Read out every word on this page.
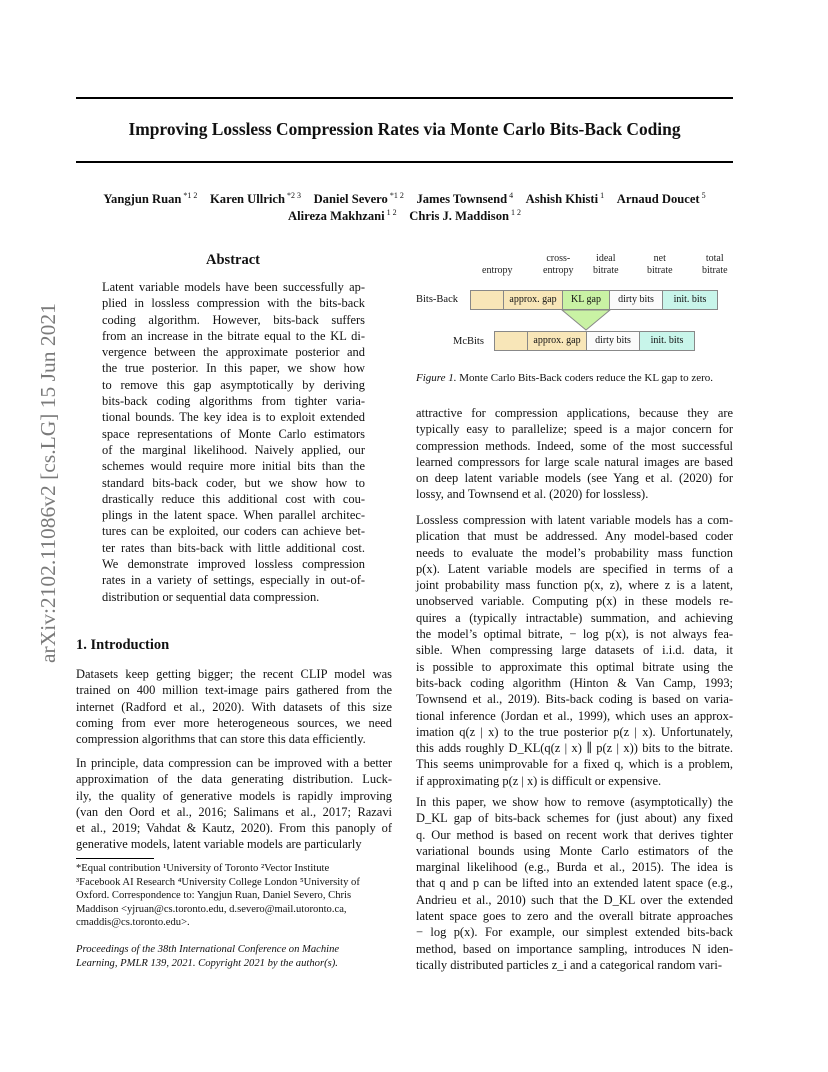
Improving Lossless Compression Rates via Monte Carlo Bits-Back Coding
Yangjun Ruan $^{*1 2}$  Karen Ullrich $^{*2 3}$  Daniel Severo $^{*1 2}$  James Townsend $^4$  Ashish Khisti $^1$  Arnaud Doucet $^5$
Alireza Makhzani $^{1 2}$  Chris J. Maddison $^{1 2}$
arXiv:2102.11086v2 [cs.LG] 15 Jun 2021
Abstract
Latent variable models have been successfully ap-
plied in lossless compression with the bits-back
coding algorithm. However, bits-back suffers
from an increase in the bitrate equal to the KL di-
vergence between the approximate posterior and
the true posterior. In this paper, we show how
to remove this gap asymptotically by deriving
bits-back coding algorithms from tighter varia-
tional bounds. The key idea is to exploit extended
space representations of Monte Carlo estimators
of the marginal likelihood. Naively applied, our
schemes would require more initial bits than the
standard bits-back coder, but we show how to
drastically reduce this additional cost with cou-
plings in the latent space. When parallel architec-
tures can be exploited, our coders can achieve bet-
ter rates than bits-back with little additional cost.
We demonstrate improved lossless compression
rates in a variety of settings, especially in out-of-
distribution or sequential data compression.
1. Introduction
Datasets keep getting bigger; the recent CLIP model was
trained on 400 million text-image pairs gathered from the
internet (Radford et al., 2020). With datasets of this size
coming from ever more heterogeneous sources, we need
compression algorithms that can store this data efficiently.
In principle, data compression can be improved with a better
approximation of the data generating distribution. Luck-
ily, the quality of generative models is rapidly improving
(van den Oord et al., 2016; Salimans et al., 2017; Razavi
et al., 2019; Vahdat & Kautz, 2020). From this panoply of
generative models, latent variable models are particularly
*Equal contribution ¹University of Toronto ²Vector Institute
³Facebook AI Research ⁴University College London ⁵University of
Oxford. Correspondence to: Yangjun Ruan, Daniel Severo, Chris
Maddison <yjruan@cs.toronto.edu, d.severo@mail.utoronto.ca,
cmaddis@cs.toronto.edu>.
Proceedings of the 38th International Conference on Machine
Learning, PMLR 139, 2021. Copyright 2021 by the author(s).
entropy
cross-
entropy
ideal
bitrate
net
bitrate
total
bitrate
Bits-Back	approx. gap	KL gap	dirty bits	init. bits
McBits	approx. gap	dirty bits	init. bits
Figure 1. Monte Carlo Bits-Back coders reduce the KL gap to zero.
attractive for compression applications, because they are
typically easy to parallelize; speed is a major concern for
compression methods. Indeed, some of the most successful
learned compressors for large scale natural images are based
on deep latent variable models (see Yang et al. (2020) for
lossy, and Townsend et al. (2020) for lossless).
Lossless compression with latent variable models has a com-
plication that must be addressed. Any model-based coder
needs to evaluate the model’s probability mass function
p(x). Latent variable models are specified in terms of a
joint probability mass function p(x, z), where z is a latent,
unobserved variable. Computing p(x) in these models re-
quires a (typically intractable) summation, and achieving
the model’s optimal bitrate, − log p(x), is not always fea-
sible. When compressing large datasets of i.i.d. data, it
is possible to approximate this optimal bitrate using the
bits-back coding algorithm (Hinton & Van Camp, 1993;
Townsend et al., 2019). Bits-back coding is based on varia-
tional inference (Jordan et al., 1999), which uses an approx-
imation q(z | x) to the true posterior p(z | x). Unfortunately,
this adds roughly D_KL(q(z | x) ∥ p(z | x)) bits to the bitrate.
This seems unimprovable for a fixed q, which is a problem,
if approximating p(z | x) is difficult or expensive.
In this paper, we show how to remove (asymptotically) the
D_KL gap of bits-back schemes for (just about) any fixed
q. Our method is based on recent work that derives tighter
variational bounds using Monte Carlo estimators of the
marginal likelihood (e.g., Burda et al., 2015). The idea is
that q and p can be lifted into an extended latent space (e.g.,
Andrieu et al., 2010) such that the D_KL over the extended
latent space goes to zero and the overall bitrate approaches
− log p(x). For example, our simplest extended bits-back
method, based on importance sampling, introduces N iden-
tically distributed particles z_i and a categorical random vari-
